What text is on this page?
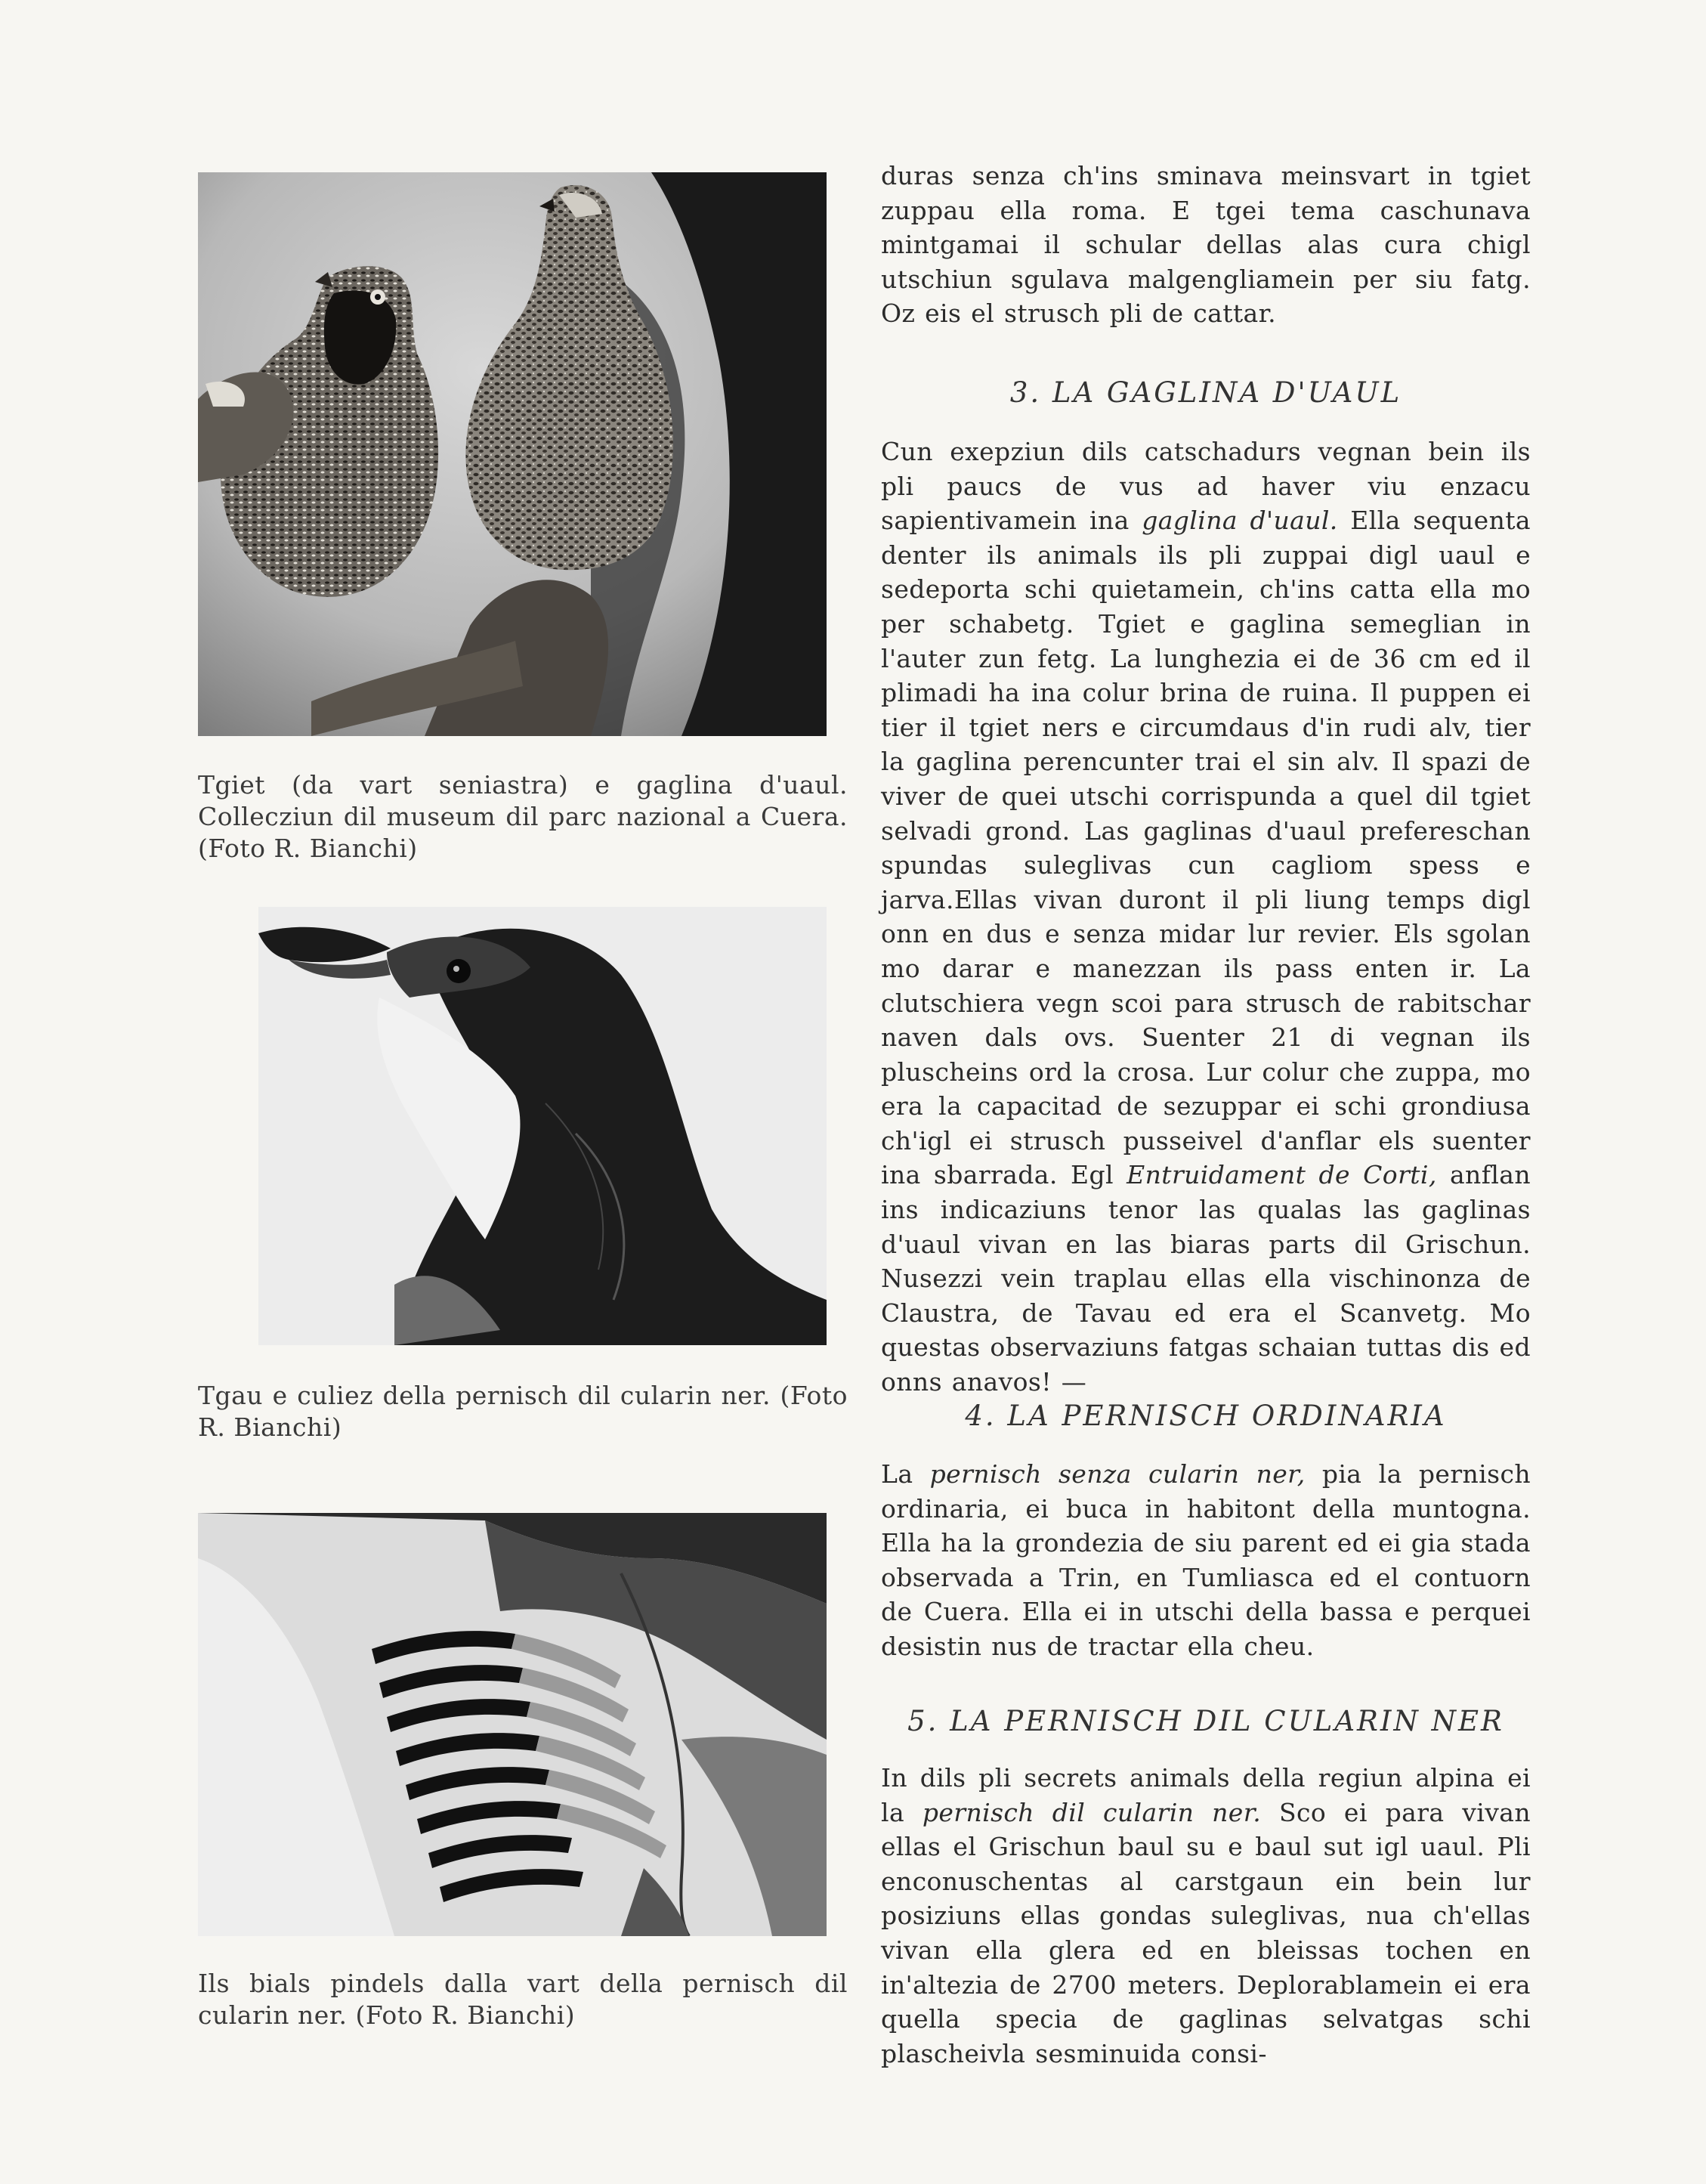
Tgiet (da vart seniastra) e gaglina d'uaul. Collecziun dil museum dil parc nazional a Cuera. (Foto R. Bianchi)
Tgau e culiez della pernisch dil cularin ner. (Foto R. Bianchi)
Ils bials pindels dalla vart della pernisch dil cularin ner. (Foto R. Bianchi)

duras senza ch'ins sminava meinsvart in tgiet zuppau ella roma. E tgei tema caschunava mintgamai il schular dellas alas cura chigl utschiun sgulava malgengliamein per siu fatg. Oz eis el strusch pli de cattar.

3. LA GAGLINA D'UAUL

Cun exepziun dils catschadurs vegnan bein ils pli paucs de vus ad haver viu enzacu sapientivamein ina gaglina d'uaul. Ella sequenta denter ils animals ils pli zuppai digl uaul e sedeporta schi quietamein, ch'ins catta ella mo per schabetg. Tgiet e gaglina semeglian in l'auter zun fetg. La lunghezia ei de 36 cm ed il plimadi ha ina colur brina de ruina. Il puppen ei tier il tgiet ners e circumdaus d'in rudi alv, tier la gaglina perencunter trai el sin alv. Il spazi de viver de quei utschi corrispunda a quel dil tgiet selvadi grond. Las gaglinas d'uaul prefereschan spundas suleglivas cun cagliom spess e jarva.Ellas vivan duront il pli liung temps digl onn en dus e senza midar lur revier. Els sgolan mo darar e manezzan ils pass enten ir. La clutschiera vegn scoi para strusch de rabitschar naven dals ovs. Suenter 21 di vegnan ils pluscheins ord la crosa. Lur colur che zuppa, mo era la capacitad de sezuppar ei schi grondiusa ch'igl ei strusch pusseivel d'anflar els suenter ina sbarrada. Egl Entruidament de Corti, anflan ins indicaziuns tenor las qualas las gaglinas d'uaul vivan en las biaras parts dil Grischun. Nusezzi vein traplau ellas ella vischinonza de Claustra, de Tavau ed era el Scanvetg. Mo questas observaziuns fatgas schaian tuttas dis ed onns anavos! —

4. LA PERNISCH ORDINARIA

La pernisch senza cularin ner, pia la pernisch ordinaria, ei buca in habitont della muntogna. Ella ha la grondezia de siu parent ed ei gia stada observada a Trin, en Tumliasca ed el contuorn de Cuera. Ella ei in utschi della bassa e perquei desistin nus de tractar ella cheu.

5. LA PERNISCH DIL CULARIN NER

In dils pli secrets animals della regiun alpina ei la pernisch dil cularin ner. Sco ei para vivan ellas el Grischun baul su e baul sut igl uaul. Pli enconuschentas al carstgaun ein bein lur posiziuns ellas gondas suleglivas, nua ch'ellas vivan ella glera ed en bleissas tochen en in'altezia de 2700 meters. Deplorablamein ei era quella specia de gaglinas selvatgas schi plascheivla sesminuida consi-
